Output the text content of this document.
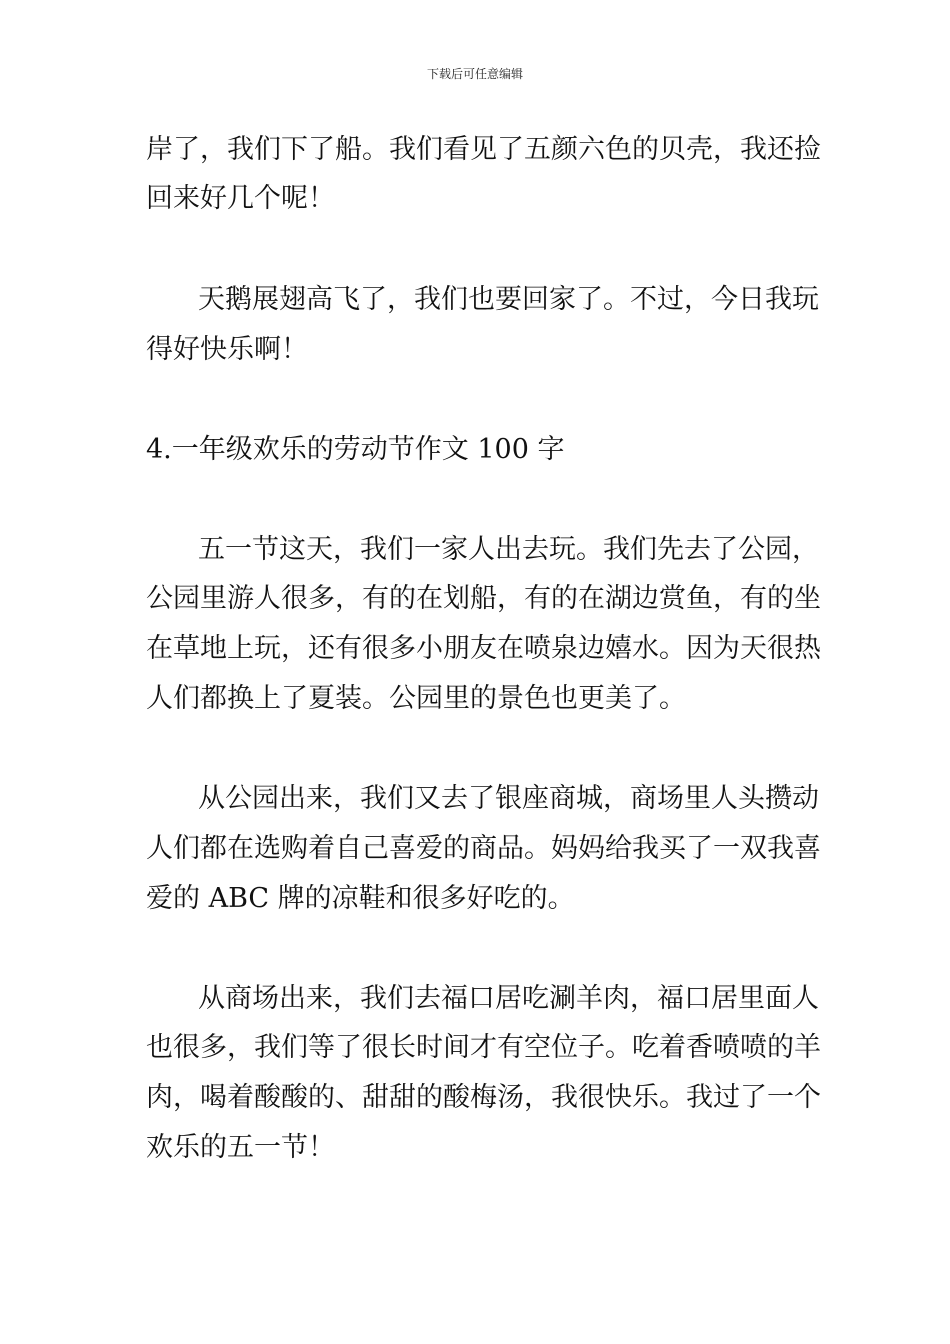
下载后可任意编辑
岸了，我们下了船。我们看见了五颜六色的贝壳，我还捡
回来好几个呢！
天鹅展翅高飞了，我们也要回家了。不过，今日我玩
得好快乐啊！
4.一年级欢乐的劳动节作文 100 字
五一节这天，我们一家人出去玩。我们先去了公园，
公园里游人很多，有的在划船，有的在湖边赏鱼，有的坐
在草地上玩，还有很多小朋友在喷泉边嬉水。因为天很热
人们都换上了夏装。公园里的景色也更美了。
从公园出来，我们又去了银座商城，商场里人头攒动
人们都在选购着自己喜爱的商品。妈妈给我买了一双我喜
爱的 ABC 牌的凉鞋和很多好吃的。
从商场出来，我们去福口居吃涮羊肉，福口居里面人
也很多，我们等了很长时间才有空位子。吃着香喷喷的羊
肉，喝着酸酸的、甜甜的酸梅汤，我很快乐。我过了一个
欢乐的五一节！
